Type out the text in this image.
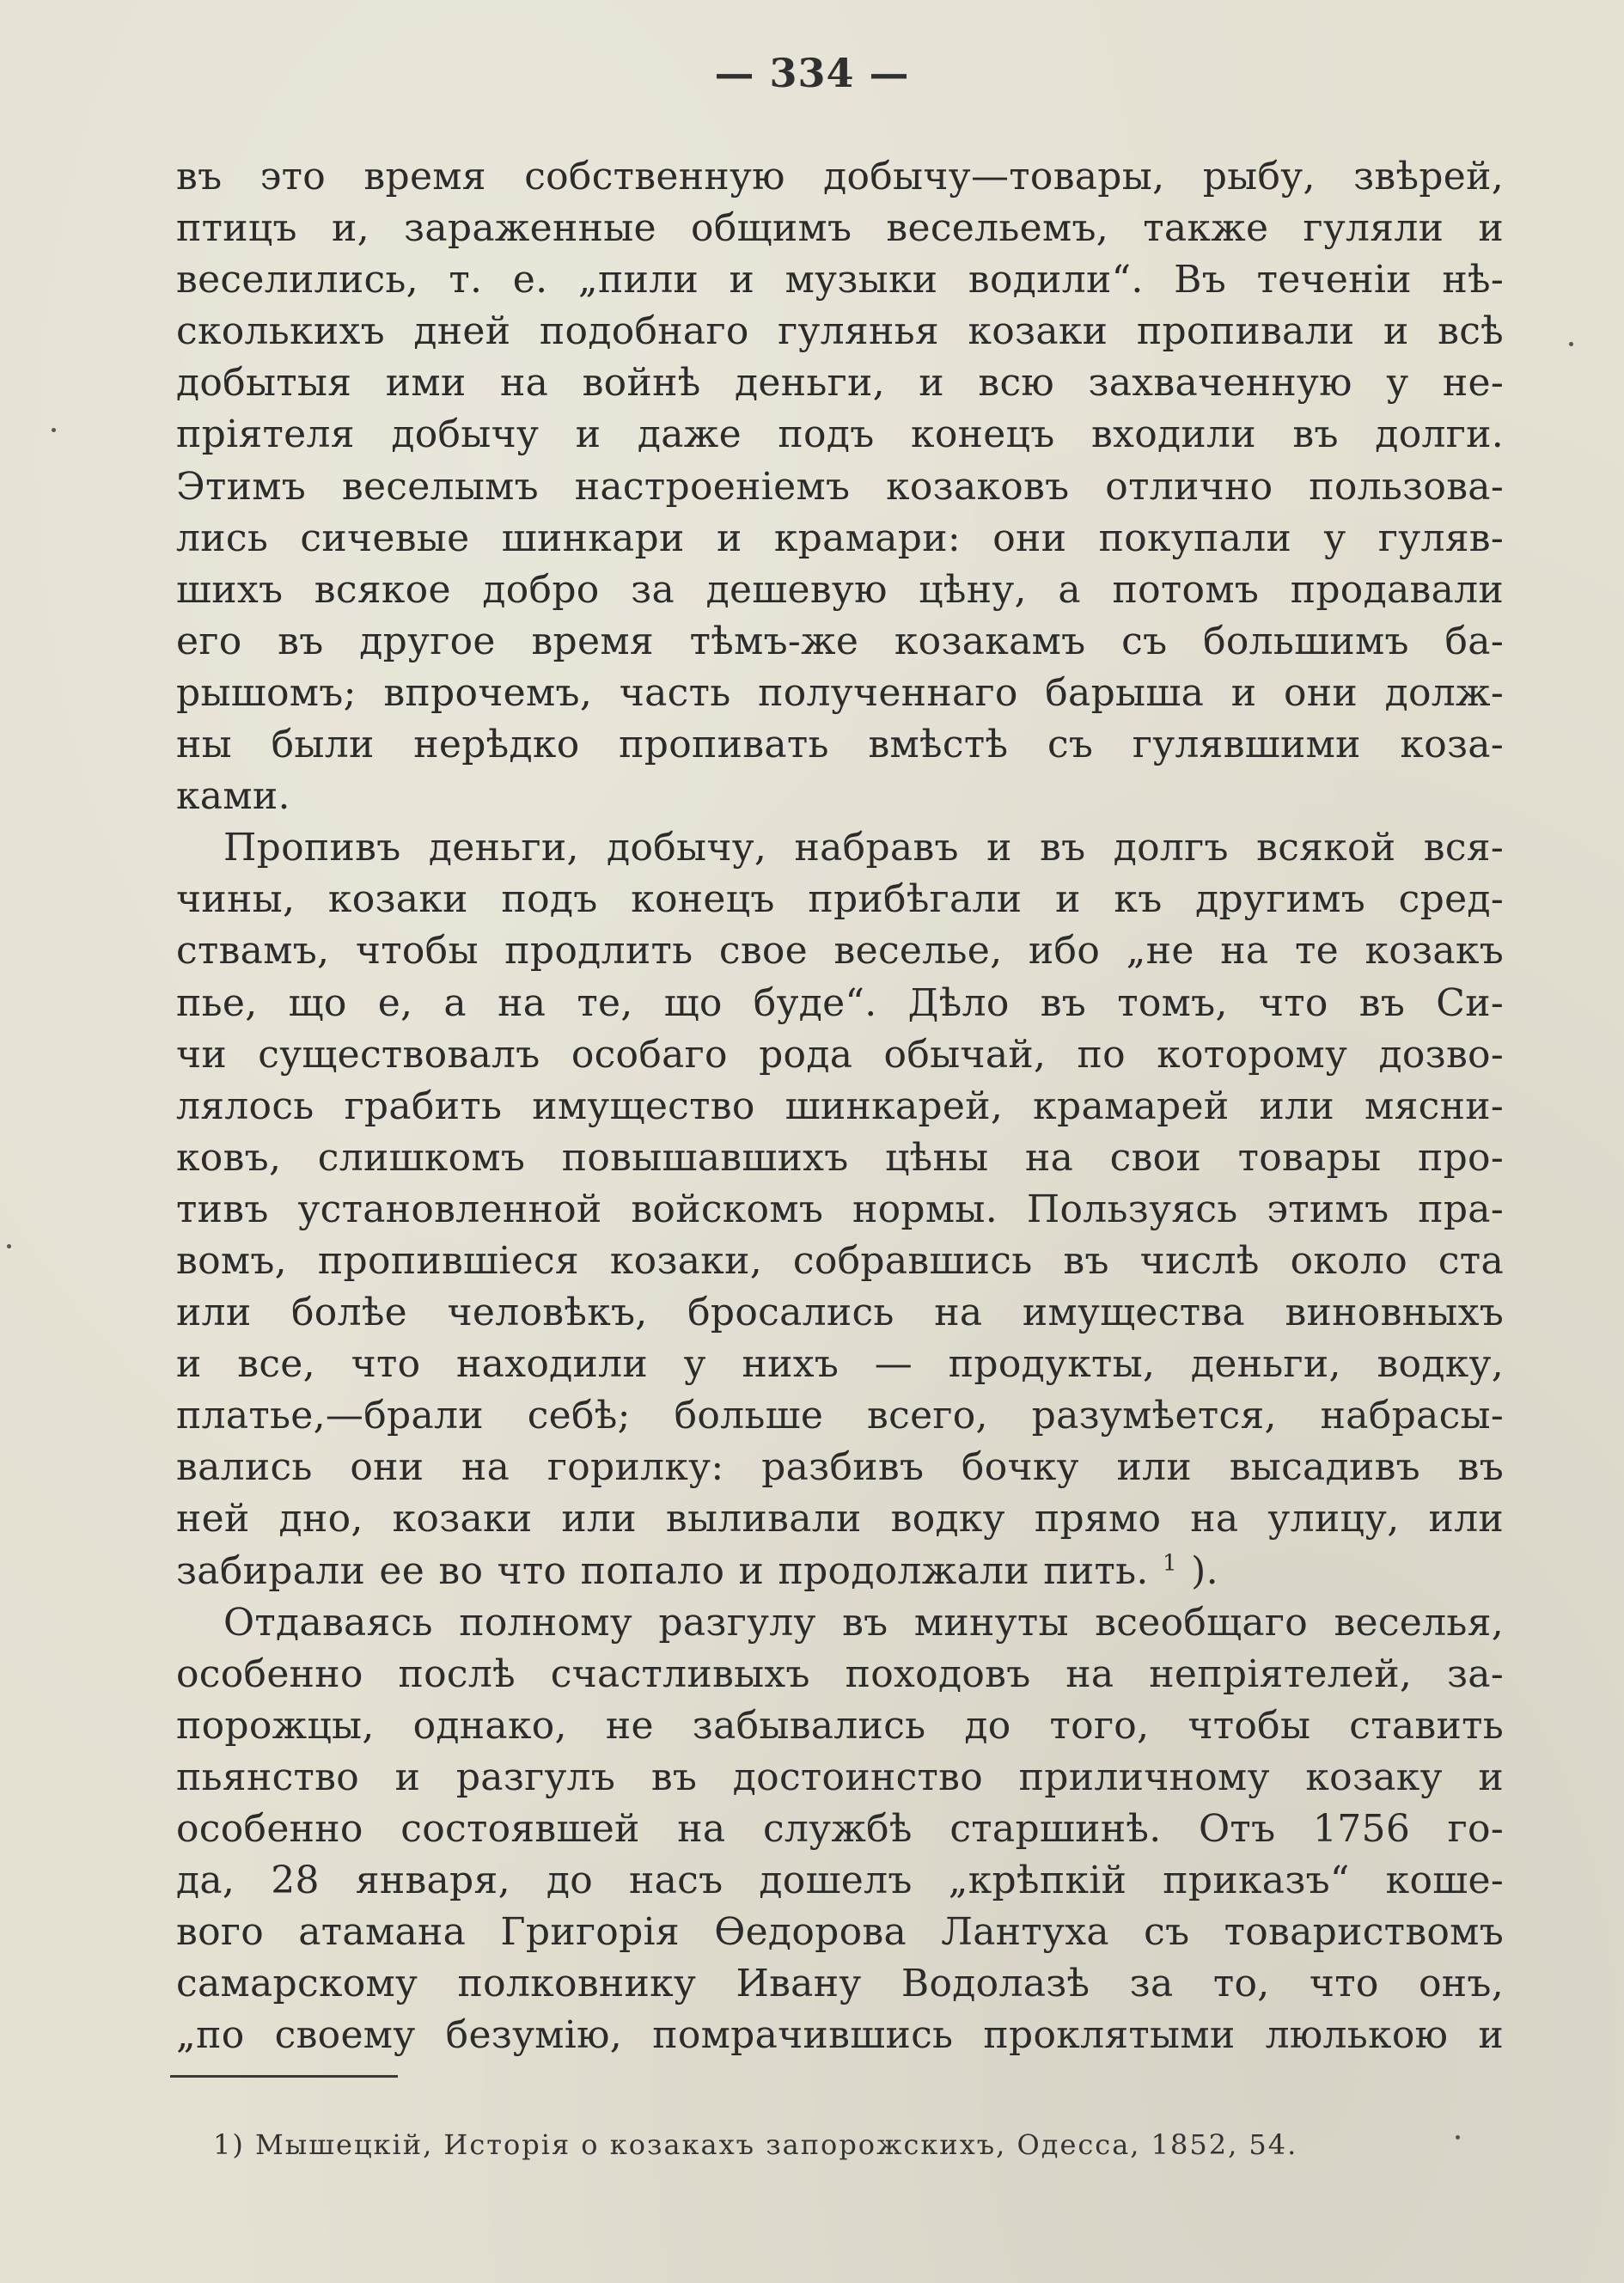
— 334 —
въ это время собственную добычу—товары, рыбу, звѣрей,
птицъ и, зараженные общимъ весельемъ, также гуляли и
веселились, т. е. „пили и музыки водили“. Въ теченіи нѣ-
сколькихъ дней подобнаго гулянья козаки пропивали и всѣ
добытыя ими на войнѣ деньги, и всю захваченную у не-
пріятеля добычу и даже подъ конецъ входили въ долги.
Этимъ веселымъ настроеніемъ козаковъ отлично пользова-
лись сичевые шинкари и крамари: они покупали у гуляв-
шихъ всякое добро за дешевую цѣну, а потомъ продавали
его въ другое время тѣмъ-же козакамъ съ большимъ ба-
рышомъ; впрочемъ, часть полученнаго барыша и они долж-
ны были нерѣдко пропивать вмѣстѣ съ гулявшими коза-
ками.
Пропивъ деньги, добычу, набравъ и въ долгъ всякой вся-
чины, козаки подъ конецъ прибѣгали и къ другимъ сред-
ствамъ, чтобы продлить свое веселье, ибо „не на те козакъ
пье, що е, а на те, що буде“. Дѣло въ томъ, что въ Си-
чи существовалъ особаго рода обычай, по которому дозво-
лялось грабить имущество шинкарей, крамарей или мясни-
ковъ, слишкомъ повышавшихъ цѣны на свои товары про-
тивъ установленной войскомъ нормы. Пользуясь этимъ пра-
вомъ, пропившіеся козаки, собравшись въ числѣ около ста
или болѣе человѣкъ, бросались на имущества виновныхъ
и все, что находили у нихъ — продукты, деньги, водку,
платье,—брали себѣ; больше всего, разумѣется, набрасы-
вались они на горилку: разбивъ бочку или высадивъ въ
ней дно, козаки или выливали водку прямо на улицу, или
забирали ее во что попало и продолжали пить. $^1$ ).
Отдаваясь полному разгулу въ минуты всеобщаго веселья,
особенно послѣ счастливыхъ походовъ на непріятелей, за-
порожцы, однако, не забывались до того, чтобы ставить
пьянство и разгулъ въ достоинство приличному козаку и
особенно состоявшей на службѣ старшинѣ. Отъ 1756 го-
да, 28 января, до насъ дошелъ „крѣпкій приказъ“ кошe-
вого атамана Григорія Ѳедорова Лантуха съ товариствомъ
самарскому полковнику Ивану Водолазѣ за то, что онъ,
„по своему безумію, помрачившись проклятыми люлькою и
1) Мышецкій, Исторія о козакахъ запорожскихъ, Одесса, 1852, 54.
